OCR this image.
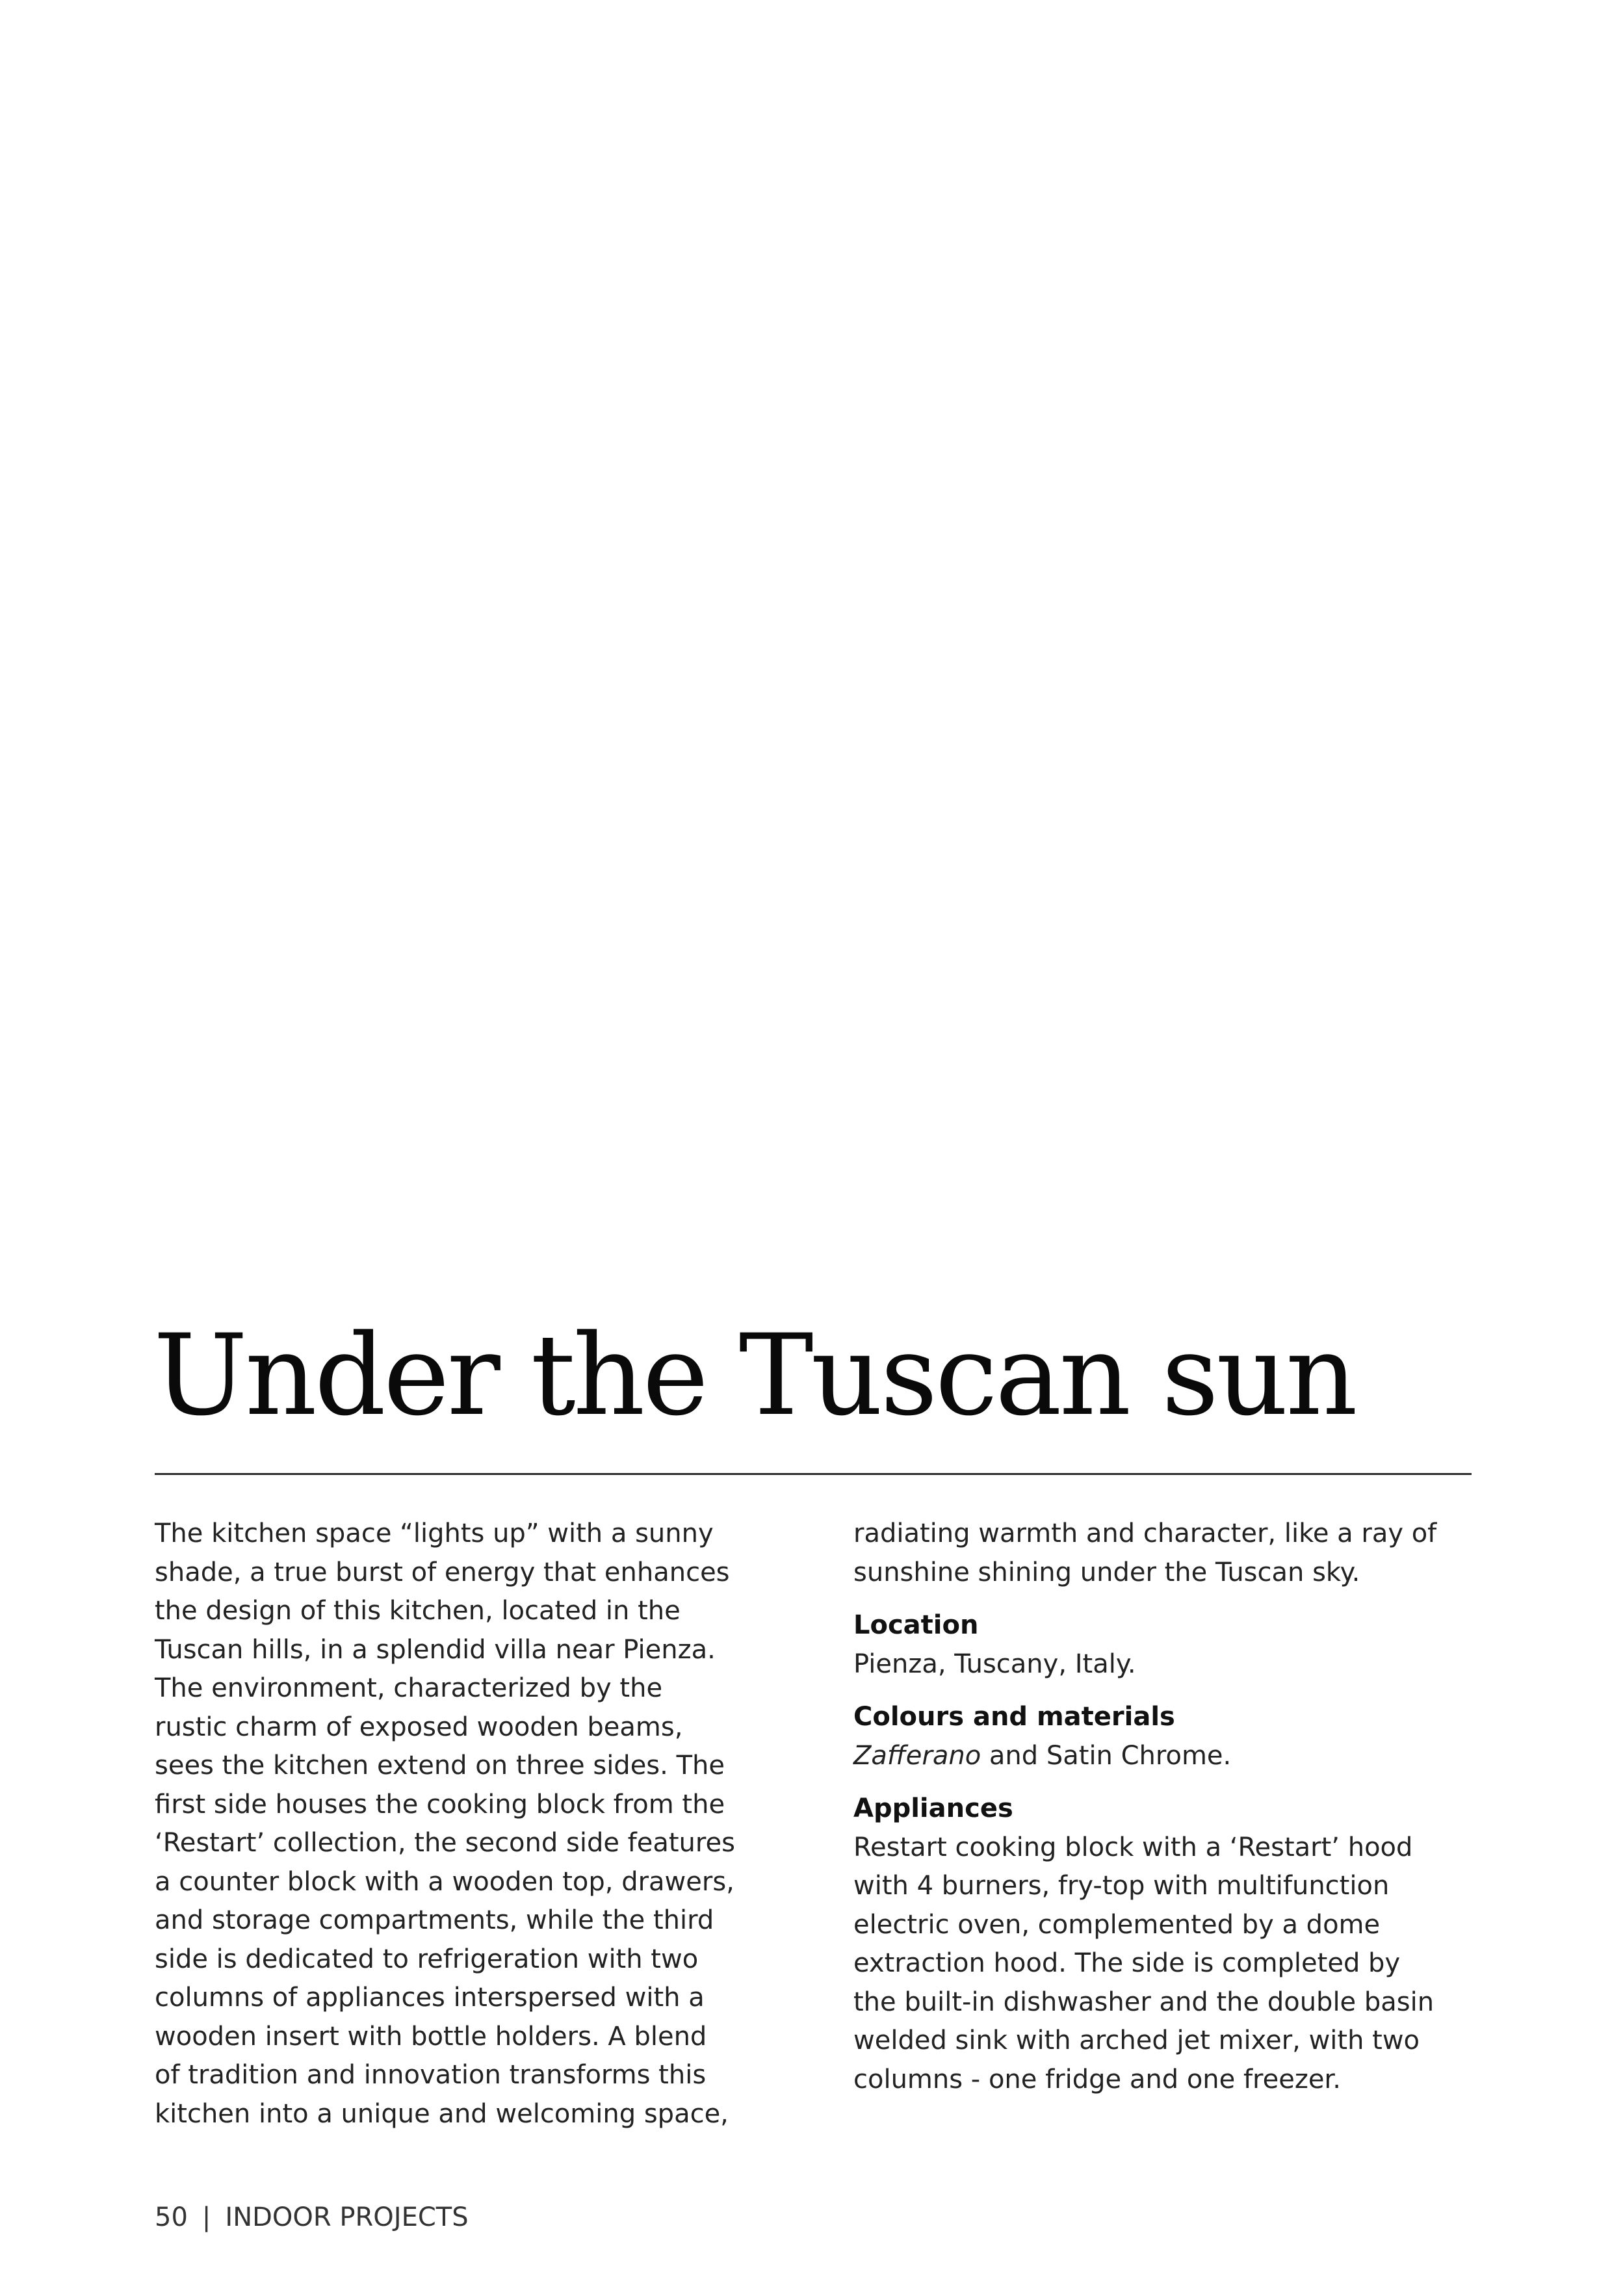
Under the Tuscan sun
The kitchen space “lights up” with a sunny
shade, a true burst of energy that enhances
the design of this kitchen, located in the
Tuscan hills, in a splendid villa near Pienza.
The environment, characterized by the
rustic charm of exposed wooden beams,
sees the kitchen extend on three sides. The
first side houses the cooking block from the
‘Restart’ collection, the second side features
a counter block with a wooden top, drawers,
and storage compartments, while the third
side is dedicated to refrigeration with two
columns of appliances interspersed with a
wooden insert with bottle holders. A blend
of tradition and innovation transforms this
kitchen into a unique and welcoming space,
radiating warmth and character, like a ray of
sunshine shining under the Tuscan sky.
Location
Pienza, Tuscany, Italy.
Colours and materials
Zafferano and Satin Chrome.
Appliances
Restart cooking block with a ‘Restart’ hood
with 4 burners, fry-top with multifunction
electric oven, complemented by a dome
extraction hood. The side is completed by
the built-in dishwasher and the double basin
welded sink with arched jet mixer, with two
columns - one fridge and one freezer.
50 | INDOOR PROJECTS
